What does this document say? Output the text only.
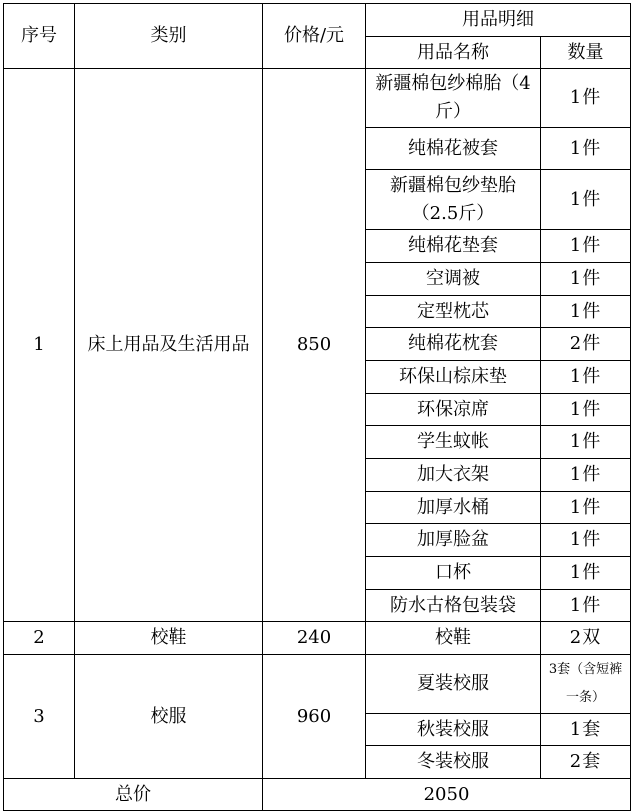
序号	类别	价格/元	用品明细	
			用品名称	数量
1	床上用品及生活用品	850	新疆棉包纱棉胎（4斤）	1件
			纯棉花被套	1件
			新疆棉包纱垫胎（2.5斤）	1件
			纯棉花垫套	1件
			空调被	1件
			定型枕芯	1件
			纯棉花枕套	2件
			环保山棕床垫	1件
			环保凉席	1件
			学生蚊帐	1件
			加大衣架	1件
			加厚水桶	1件
			加厚脸盆	1件
			口杯	1件
			防水古格包装袋	1件
2	校鞋	240	校鞋	2双
3	校服	960	夏装校服	3套（含短裤一条）
			秋装校服	1套
			冬装校服	2套
总价		2050		
